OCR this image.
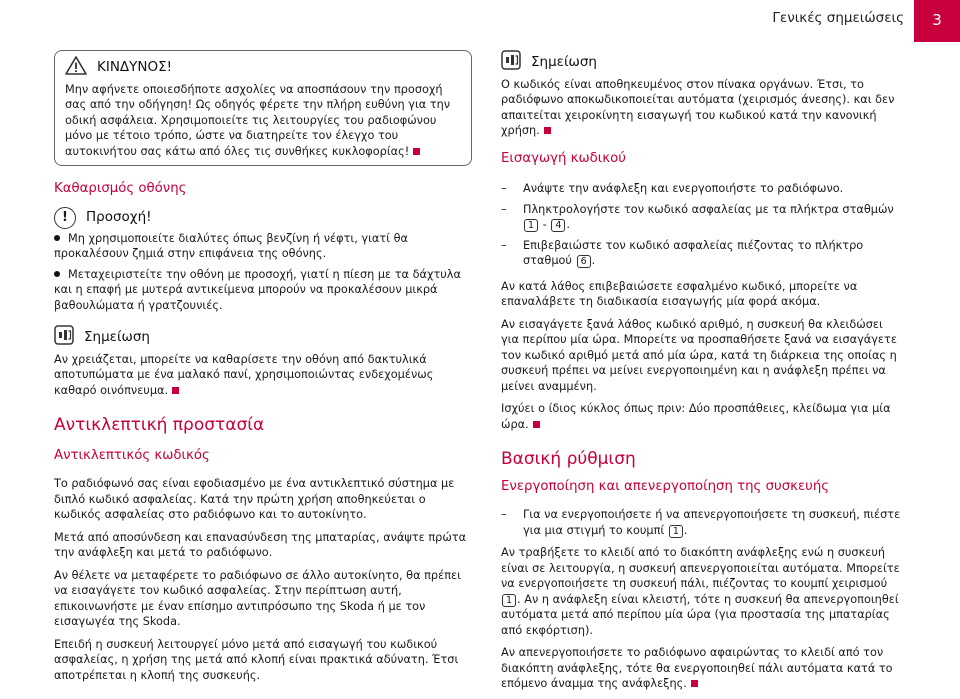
Γενικές σημειώσεις	3
ΚΙΝΔΥΝΟΣ!
Μην αφήνετε οποιεσδήποτε ασχολίες να αποσπάσουν την προσοχή σας από την οδήγηση! Ως οδηγός φέρετε την πλήρη ευθύνη για την οδική ασφάλεια. Χρησιμοποιείτε τις λειτουργίες του ραδιοφώνου μόνο με τέτοιο τρόπο, ώστε να διατηρείτε τον έλεγχο του αυτοκινήτου σας κάτω από όλες τις συνθήκες κυκλοφορίας!
Καθαρισμός οθόνης
!	Προσοχή!
Μη χρησιμοποιείτε διαλύτες όπως βενζίνη ή νέφτι, γιατί θα προκαλέσουν ζημιά στην επιφάνεια της οθόνης.
Μεταχειριστείτε την οθόνη με προσοχή, γιατί η πίεση με τα δάχτυλα και η επαφή με μυτερά αντικείμενα μπορούν να προκαλέσουν μικρά βαθουλώματα ή γρατζουνιές.
Σημείωση
Αν χρειάζεται, μπορείτε να καθαρίσετε την οθόνη από δακτυλικά αποτυπώματα με ένα μαλακό πανί, χρησιμοποιώντας ενδεχομένως καθαρό οινόπνευμα.
Αντικλεπτική προστασία
Αντικλεπτικός κωδικός

Το ραδιόφωνό σας είναι εφοδιασμένο με ένα αντικλεπτικό σύστημα με διπλό κωδικό ασφαλείας. Κατά την πρώτη χρήση αποθηκεύεται ο κωδικός ασφαλείας στο ραδιόφωνο και το αυτοκίνητο.

Μετά από αποσύνδεση και επανασύνδεση της μπαταρίας, ανάψτε πρώτα την ανάφλεξη και μετά το ραδιόφωνο.

Αν θέλετε να μεταφέρετε το ραδιόφωνο σε άλλο αυτοκίνητο, θα πρέπει να εισαγάγετε τον κωδικό ασφαλείας. Στην περίπτωση αυτή, επικοινωνήστε με έναν επίσημο αντιπρόσωπο της Skoda ή με τον εισαγωγέα της Skoda.

Επειδή η συσκευή λειτουργεί μόνο μετά από εισαγωγή του κωδικού ασφαλείας, η χρήση της μετά από κλοπή είναι πρακτικά αδύνατη. Έτσι αποτρέπεται η κλοπή της συσκευής.

Σημείωση
Ο κωδικός είναι αποθηκευμένος στον πίνακα οργάνων. Έτσι, το ραδιόφωνο αποκωδικοποιείται αυτόματα (χειρισμός άνεσης). και δεν απαιτείται χειροκίνητη εισαγωγή του κωδικού κατά την κανονική χρήση.
Εισαγωγή κωδικού
–	Ανάψτε την ανάφλεξη και ενεργοποιήστε το ραδιόφωνο.
–	Πληκτρολογήστε τον κωδικό ασφαλείας με τα πλήκτρα σταθμών 1 - 4 .
–	Επιβεβαιώστε τον κωδικό ασφαλείας πιέζοντας το πλήκτρο σταθμού 6 .

Αν κατά λάθος επιβεβαιώσετε εσφαλμένο κωδικό, μπορείτε να επαναλάβετε τη διαδικασία εισαγωγής μία φορά ακόμα.

Αν εισαγάγετε ξανά λάθος κωδικό αριθμό, η συσκευή θα κλειδώσει για περίπου μία ώρα. Μπορείτε να προσπαθήσετε ξανά να εισαγάγετε τον κωδικό αριθμό μετά από μία ώρα, κατά τη διάρκεια της οποίας η συσκευή πρέπει να μείνει ενεργοποιημένη και η ανάφλεξη πρέπει να μείνει αναμμένη.

Ισχύει ο ίδιος κύκλος όπως πριν: Δύο προσπάθειες, κλείδωμα για μία ώρα.

Βασική ρύθμιση
Ενεργοποίηση και απενεργοποίηση της συσκευής
–	Για να ενεργοποιήσετε ή να απενεργοποιήσετε τη συσκευή, πιέστε για μια στιγμή το κουμπί 1 .

Αν τραβήξετε το κλειδί από το διακόπτη ανάφλεξης ενώ η συσκευή είναι σε λειτουργία, η συσκευή απενεργοποιείται αυτόματα. Μπορείτε να ενεργοποιήσετε τη συσκευή πάλι, πιέζοντας το κουμπί χειρισμού 1 . Αν η ανάφλεξη είναι κλειστή, τότε η συσκευή θα απενεργοποιηθεί αυτόματα μετά από περίπου μία ώρα (για προστασία της μπαταρίας από εκφόρτιση).

Αν απενεργοποιήσετε το ραδιόφωνο αφαιρώντας το κλειδί από τον διακόπτη ανάφλεξης, τότε θα ενεργοποιηθεί πάλι αυτόματα κατά το επόμενο άναμμα της ανάφλεξης.
